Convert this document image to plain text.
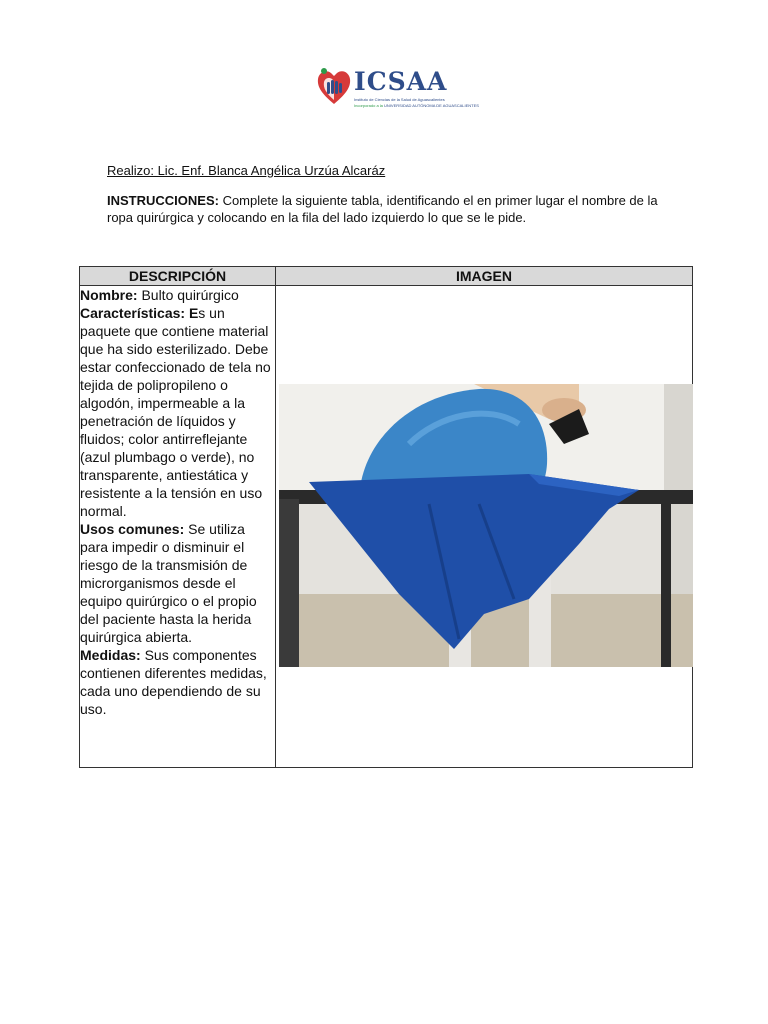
ICSAA
Instituto de Ciencias de la Salud de Aguascalientes
Incorporado a la UNIVERSIDAD AUTÓNOMA DE AGUASCALIENTES
Realizo: Lic. Enf. Blanca Angélica Urzúa Alcaráz
INSTRUCCIONES: Complete la siguiente tabla, identificando el en primer lugar el nombre de la ropa quirúrgica y colocando en la fila del lado izquierdo lo que se le pide.
DESCRIPCIÓN	IMAGEN
Nombre: Bulto quirúrgico
Características: Es un paquete que contiene material que ha sido esterilizado. Debe estar confeccionado de tela no tejida de polipropileno o algodón, impermeable a la penetración de líquidos y fluidos; color antirreflejante (azul plumbago o verde), no transparente, antiestática y resistente a la tensión en uso normal.
Usos comunes: Se utiliza para impedir o disminuir el riesgo de la transmisión de microrganismos desde el equipo quirúrgico o el propio del paciente hasta la herida quirúrgica abierta.
Medidas: Sus componentes contienen diferentes medidas, cada uno dependiendo de su uso.	
